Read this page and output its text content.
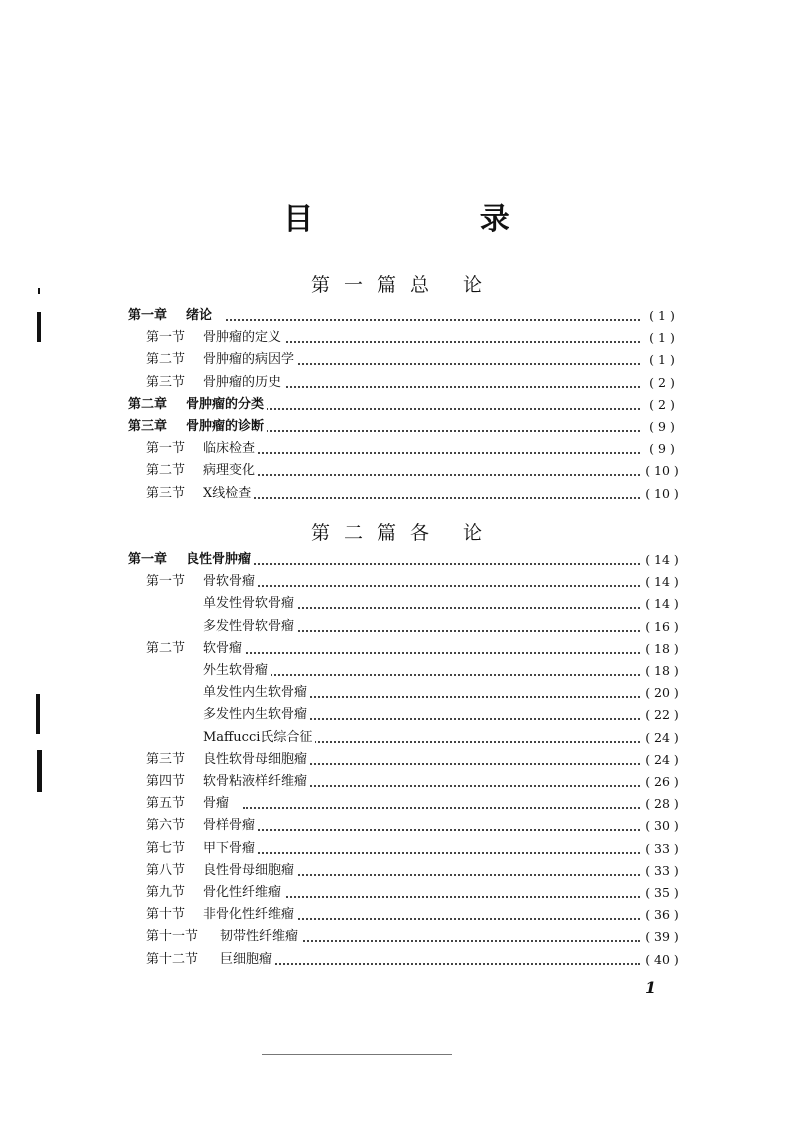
目 录
第一篇总 论
第一章 绪论	( 1 )
第一节 骨肿瘤的定义	( 1 )
第二节 骨肿瘤的病因学	( 1 )
第三节 骨肿瘤的历史	( 2 )
第二章 骨肿瘤的分类	( 2 )
第三章 骨肿瘤的诊断	( 9 )
第一节 临床检查	( 9 )
第二节 病理变化	( 10 )
第三节 X线检查	( 10 )
第二篇各 论
第一章 良性骨肿瘤	( 14 )
第一节 骨软骨瘤	( 14 )
单发性骨软骨瘤	( 14 )
多发性骨软骨瘤	( 16 )
第二节 软骨瘤	( 18 )
外生软骨瘤	( 18 )
单发性内生软骨瘤	( 20 )
多发性内生软骨瘤	( 22 )
Maffucci氏综合征	( 24 )
第三节 良性软骨母细胞瘤	( 24 )
第四节 软骨粘液样纤维瘤	( 26 )
第五节 骨瘤	( 28 )
第六节 骨样骨瘤	( 30 )
第七节 甲下骨瘤	( 33 )
第八节 良性骨母细胞瘤	( 33 )
第九节 骨化性纤维瘤	( 35 )
第十节 非骨化性纤维瘤	( 36 )
第十一节 韧带性纤维瘤	( 39 )
第十二节 巨细胞瘤	( 40 )
1
